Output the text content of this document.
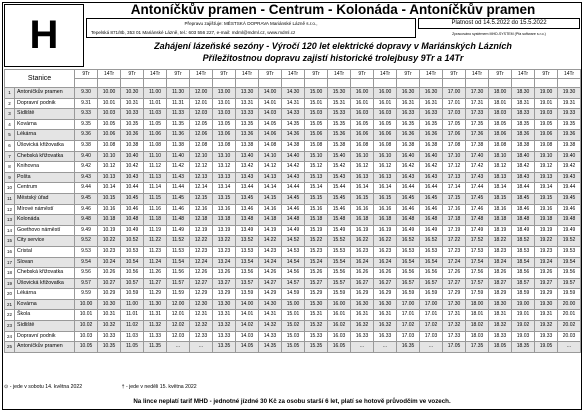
H
Antoníčkův pramen - Centrum - Kolonáda - Antoníčkův pramen
Přepravu zajišťuje: MĚSTSKÁ DOPRAVA Mariánské Lázně s.r.o.,
Tepelská 871/8b, 353 01 Mariánské Lázně, tel.: 603 556 227, e-mail: mdml@mdml.cz, www.mdml.cz
Platnost od 14.5.2022 do 15.5.2022
Zpracováno systémem MHD-SYSTEM (Pfa software s.r.o.)
Zahájení lázeňské sezóny - Výročí 120 let elektrické dopravy v Mariánských Lázních
Příležitostnou dopravu zajistí historické trolejbusy 9Tr a 14Tr
Stanice		9Tr	14Tr	9Tr	14Tr	9Tr	14Tr	9Tr	14Tr	9Tr	14Tr	9Tr	14Tr	9Tr	14Tr	9Tr	14Tr	9Tr	14Tr	9Tr	14Tr	9Tr	14Tr

1	Antoníčkův pramen	9.30	10.00	10.30	11.00	11.30	12.00	13.00	13.30	14.00	14.30	15.00	15.30	16.00	16.00	16.30	16.30	17.00	17.30	18.00	18.30	19.00	19.30
2	Dopravní podnik	9.31	10.01	10.31	11.01	11.31	12.01	13.01	13.31	14.01	14.31	15.01	15.31	16.01	16.01	16.31	16.31	17.01	17.31	18.01	18.31	19.01	19.31
3	Sídliště	9.33	10.03	10.33	11.03	11.33	12.03	13.03	13.33	14.03	14.33	15.03	15.33	16.03	16.03	16.33	16.33	17.03	17.33	18.03	18.33	19.03	19.33
4	Kovárna	9.35	10.05	10.35	11.05	11.35	12.05	13.05	13.35	14.05	14.35	15.05	15.35	16.05	16.05	16.35	16.35	17.05	17.35	18.05	18.35	19.05	19.35
5	Lékárna	9.36	10.06	10.36	11.06	11.36	12.06	13.06	13.36	14.06	14.36	15.06	15.36	16.06	16.06	16.36	16.36	17.06	17.36	18.06	18.36	19.06	19.36
6	Úšovická křižovatka	9.38	10.08	10.38	11.08	11.38	12.08	13.08	13.38	14.08	14.38	15.08	15.38	16.08	16.08	16.38	16.38	17.08	17.38	18.08	18.38	19.08	19.38
7	Chebská křižovatka	9.40	10.10	10.40	11.10	11.40	12.10	13.10	13.40	14.10	14.40	15.10	15.40	16.10	16.10	16.40	16.40	17.10	17.40	18.10	18.40	19.10	19.40
8	Knihovna	9.42	10.12	10.42	11.12	11.42	12.12	13.12	13.42	14.12	14.42	15.12	15.42	16.12	16.12	16.42	16.42	17.12	17.42	18.12	18.42	19.12	19.42
9	Pošta	9.43	10.13	10.43	11.13	11.43	12.13	13.13	13.43	14.13	14.43	15.13	15.43	16.13	16.13	16.43	16.43	17.13	17.43	18.13	18.43	19.13	19.43
10	Centrum	9.44	10.14	10.44	11.14	11.44	12.14	13.14	13.44	14.14	14.44	15.14	15.44	16.14	16.14	16.44	16.44	17.14	17.44	18.14	18.44	19.14	19.44
11	Městský úřad	9.45	10.15	10.45	11.15	11.45	12.15	13.15	13.45	14.15	14.45	15.15	15.45	16.15	16.15	16.45	16.45	17.15	17.45	18.15	18.45	19.15	19.45
12	Mírové náměstí	9.46	10.16	10.46	11.16	11.46	12.16	13.16	13.46	14.16	14.46	15.16	15.46	16.16	16.16	16.46	16.46	17.16	17.46	18.16	18.46	19.16	19.46
13	Kolonáda	9.48	10.18	10.48	11.18	11.48	12.18	13.18	13.48	14.18	14.48	15.18	15.48	16.18	16.18	16.48	16.48	17.18	17.48	18.18	18.48	19.18	19.48
14	Goethovo náměstí	9.49	10.19	10.49	11.19	11.49	12.19	13.19	13.49	14.19	14.49	15.19	15.49	16.19	16.19	16.49	16.49	17.19	17.49	18.19	18.49	19.19	19.49
15	City service	9.52	10.22	10.52	11.22	11.52	12.22	13.22	13.52	14.22	14.52	15.22	15.52	16.22	16.22	16.52	16.52	17.22	17.52	18.22	18.52	19.22	19.52
16	Cristal	9.53	10.23	10.53	11.23	11.53	12.23	13.23	13.53	14.23	14.53	15.23	15.53	16.23	16.23	16.53	16.53	17.23	17.53	18.23	18.53	19.23	19.53
17	Slovan	9.54	10.24	10.54	11.24	11.54	12.24	13.24	13.54	14.24	14.54	15.24	15.54	16.24	16.24	16.54	16.54	17.24	17.54	18.24	18.54	19.24	19.54
18	Chebská křižovatka	9.56	10.26	10.56	11.26	11.56	12.26	13.26	13.56	14.26	14.56	15.26	15.56	16.26	16.26	16.56	16.56	17.26	17.56	18.26	18.56	19.26	19.56
19	Úšovická křižovatka	9.57	10.27	10.57	11.27	11.57	12.27	13.27	13.57	14.27	14.57	15.27	15.57	16.27	16.27	16.57	16.57	17.27	17.57	18.27	18.57	19.27	19.57
20	Lékárna	9.59	10.29	10.59	11.29	11.59	12.29	13.29	13.59	14.29	14.59	15.29	15.59	16.29	16.29	16.59	16.59	17.29	17.59	18.29	18.59	19.29	19.59
21	Kovárna	10.00	10.30	11.00	11.30	12.00	12.30	13.30	14.00	14.30	15.00	15.30	16.00	16.30	16.30	17.00	17.00	17.30	18.00	18.30	19.00	19.30	20.00
22	Škola	10.01	10.31	11.01	11.31	12.01	12.31	13.31	14.01	14.31	15.01	15.31	16.01	16.31	16.31	17.01	17.01	17.31	18.01	18.31	19.01	19.31	20.01
23	Sídliště	10.02	10.32	11.02	11.32	12.02	12.32	13.32	14.02	14.32	15.02	15.32	16.02	16.32	16.32	17.02	17.02	17.32	18.02	18.32	19.02	19.32	20.02
24	Dopravní podnik	10.03	10.33	11.03	11.33	12.03	12.33	13.33	14.03	14.33	15.03	15.33	16.03	16.33	16.33	17.03	17.03	17.33	18.03	18.33	19.03	19.33	20.03
25	Antoníčkův pramen	10.05	10.35	11.05	11.35	...	...	13.35	14.05	14.35	15.05	15.35	16.05	...	...	16.35	...	17.05	17.35	18.05	18.35	19.05	...
⊙ - jede v sobotu 14. května 2022	† - jede v neděli 15. května 2022
Na lince neplatí tarif MHD - jednotné jízdné 30 Kč za osobu starší 6 let, platí se hotově průvodčím ve vozech.
